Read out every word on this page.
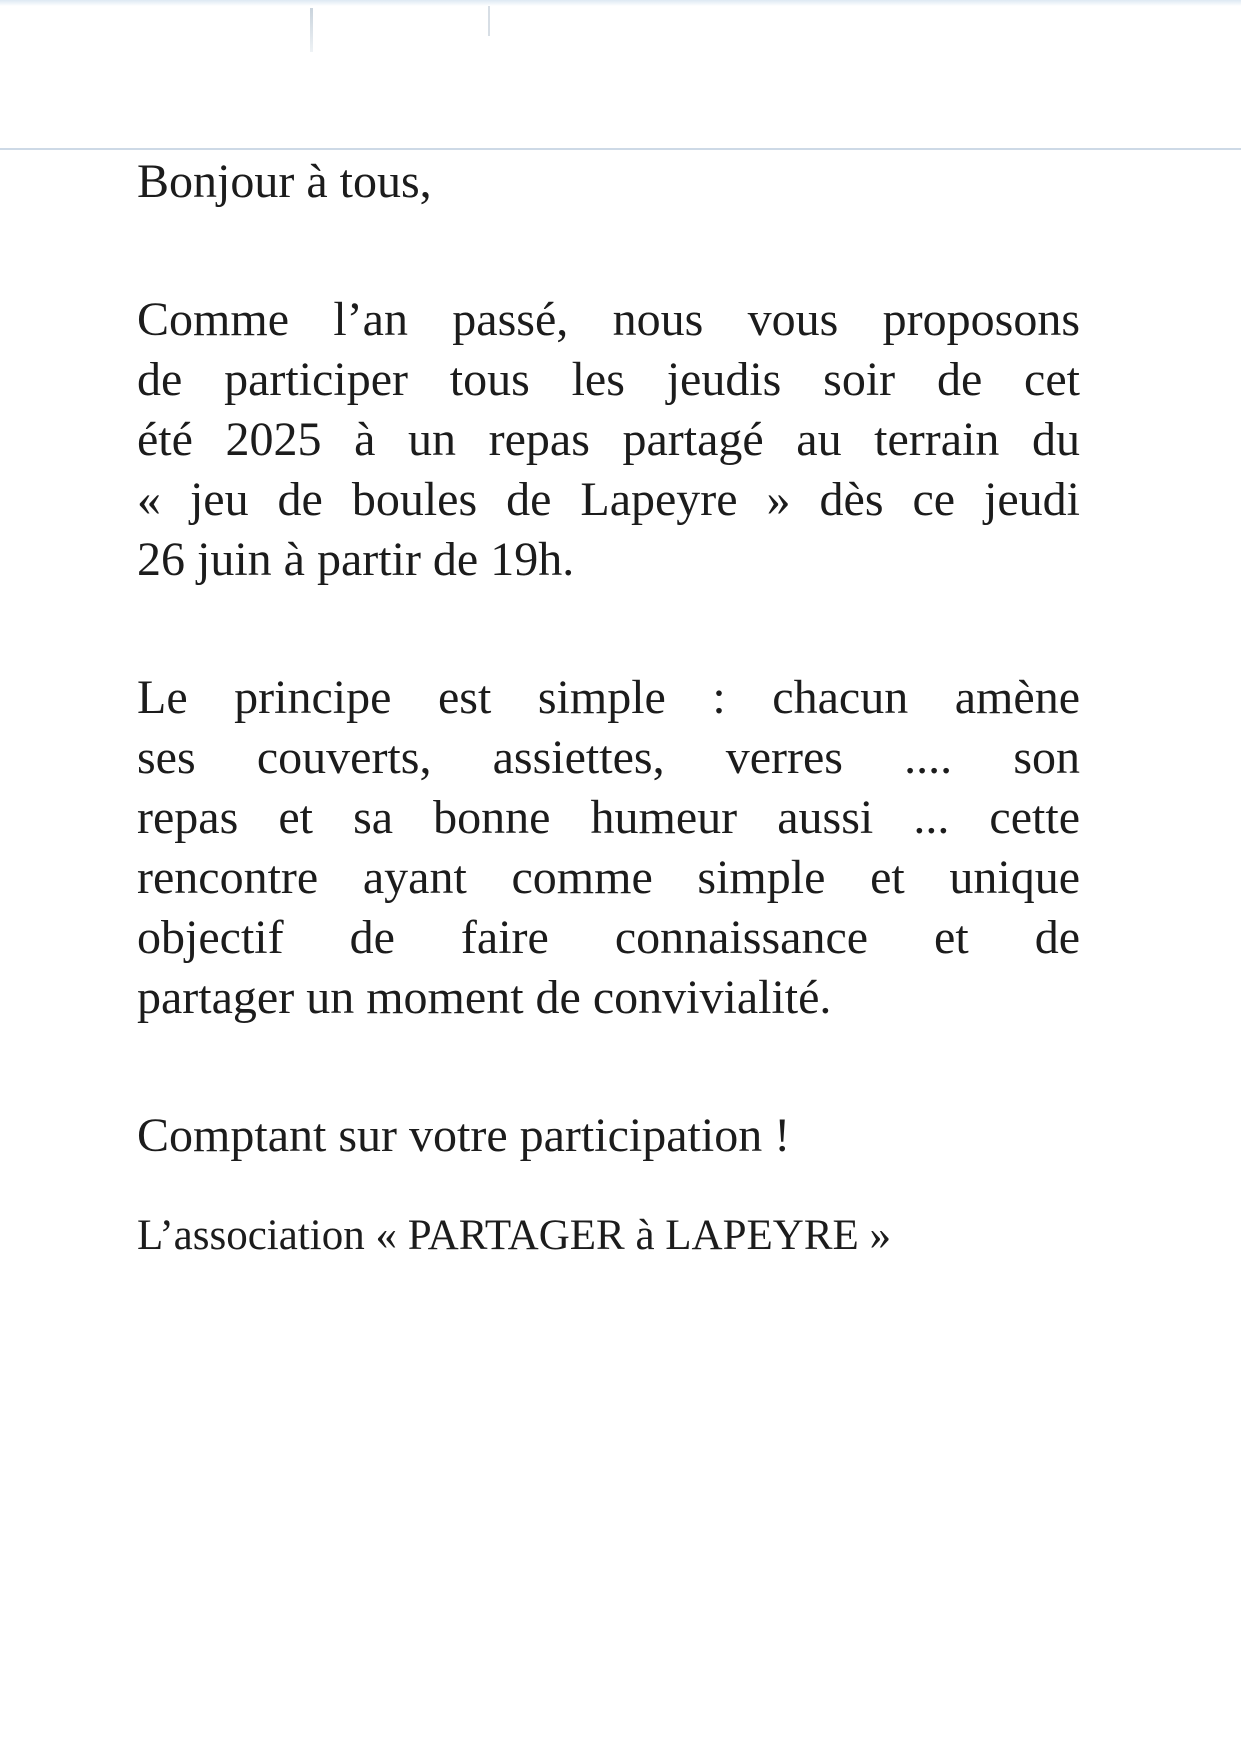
Bonjour à tous,
Comme l’an passé, nous vous proposons
de participer tous les jeudis soir de cet
été 2025 à un repas partagé au terrain du
« jeu de boules de Lapeyre » dès ce jeudi
26 juin à partir de 19h.
Le principe est simple : chacun amène
ses couverts, assiettes, verres .... son
repas et sa bonne humeur aussi ... cette
rencontre ayant comme simple et unique
objectif de faire connaissance et de
partager un moment de convivialité.
Comptant sur votre participation !
L’association « PARTAGER à LAPEYRE »
